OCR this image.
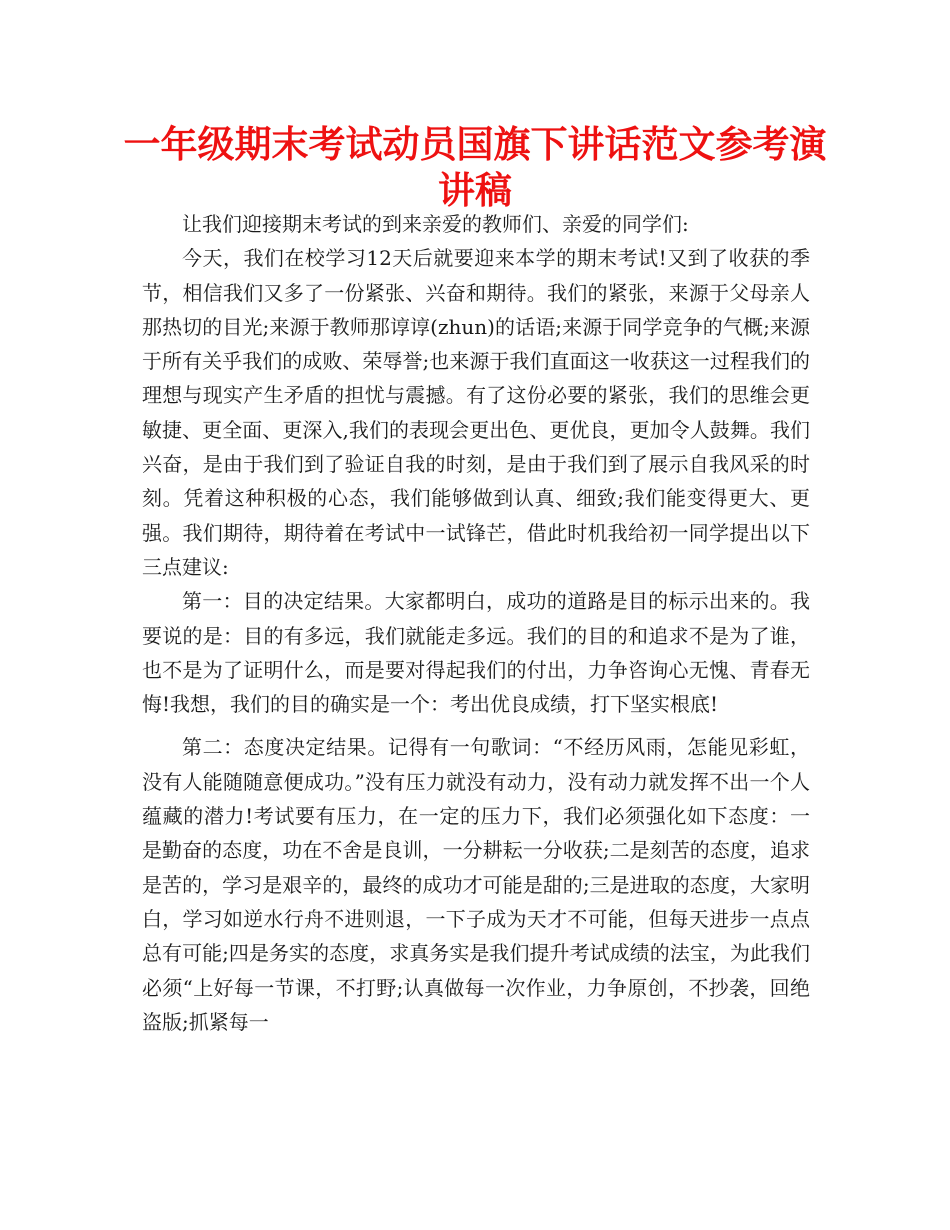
一年级期末考试动员国旗下讲话范文参考演讲稿

让我们迎接期末考试的到来亲爱的教师们、亲爱的同学们:

今天，我们在校学习12天后就要迎来本学的期末考试!又到了收获的季节，相信我们又多了一份紧张、兴奋和期待。我们的紧张，来源于父母亲人那热切的目光;来源于教师那谆谆(zhun)的话语;来源于同学竞争的气概;来源于所有关乎我们的成败、荣辱誉;也来源于我们直面这一收获这一过程我们的理想与现实产生矛盾的担忧与震撼。有了这份必要的紧张，我们的思维会更敏捷、更全面、更深入,我们的表现会更出色、更优良，更加令人鼓舞。我们兴奋，是由于我们到了验证自我的时刻，是由于我们到了展示自我风采的时刻。凭着这种积极的心态，我们能够做到认真、细致;我们能变得更大、更强。我们期待，期待着在考试中一试锋芒，借此时机我给初一同学提出以下三点建议:

第一：目的决定结果。大家都明白，成功的道路是目的标示出来的。我要说的是：目的有多远，我们就能走多远。我们的目的和追求不是为了谁，也不是为了证明什么，而是要对得起我们的付出，力争咨询心无愧、青春无悔!我想，我们的目的确实是一个：考出优良成绩，打下坚实根底!

第二：态度决定结果。记得有一句歌词：“不经历风雨，怎能见彩虹，没有人能随随意便成功。”没有压力就没有动力，没有动力就发挥不出一个人蕴藏的潜力!考试要有压力，在一定的压力下，我们必须强化如下态度：一是勤奋的态度，功在不舍是良训，一分耕耘一分收获;二是刻苦的态度，追求是苦的，学习是艰辛的，最终的成功才可能是甜的;三是进取的态度，大家明白，学习如逆水行舟不进则退，一下子成为天才不可能，但每天进步一点点总有可能;四是务实的态度，求真务实是我们提升考试成绩的法宝，为此我们必须“上好每一节课，不打野;认真做每一次作业，力争原创，不抄袭，回绝盗版;抓紧每一
